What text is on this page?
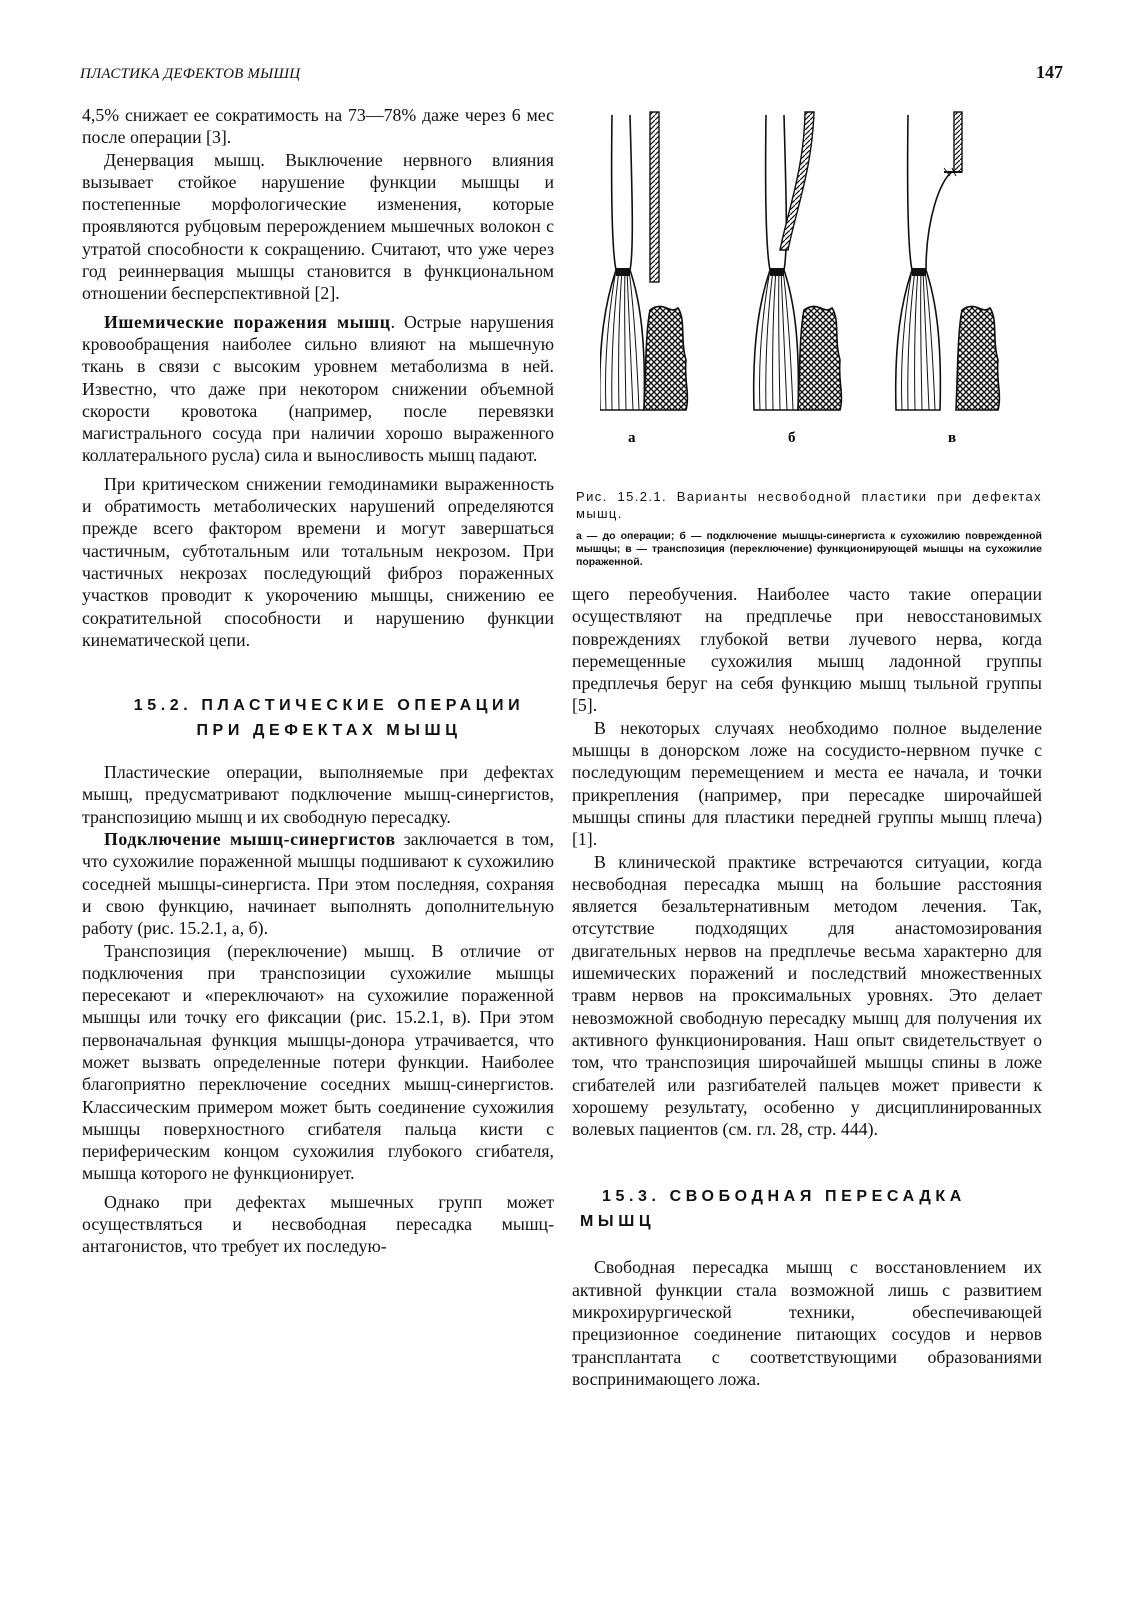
ПЛАСТИКА ДЕФЕКТОВ МЫШЦ	147

4,5% снижает ее сократимость на 73—78% даже через 6 мес после операции [3].

Денервация мышц. Выключение нервного влияния вызывает стойкое нарушение функции мышцы и постепенные морфологические изменения, которые проявляются рубцовым перерождением мышечных волокон с утратой способности к сокращению. Считают, что уже через год реиннервация мышцы становится в функциональном отношении бесперспективной [2].

Ишемические поражения мышц. Острые нарушения кровообращения наиболее сильно влияют на мышечную ткань в связи с высоким уровнем метаболизма в ней. Известно, что даже при некотором снижении объемной скорости кровотока (например, после перевязки магистрального сосуда при наличии хорошо выраженного коллатерального русла) сила и выносливость мышц падают.

При критическом снижении гемодинамики выраженность и обратимость метаболических нарушений определяются прежде всего фактором времени и могут завершаться частичным, субтотальным или тотальным некрозом. При частичных некрозах последующий фиброз пораженных участков проводит к укорочению мышцы, снижению ее сократительной способности и нарушению функции кинематической цепи.

15.2. ПЛАСТИЧЕСКИЕ ОПЕРАЦИИ

ПРИ ДЕФЕКТАХ МЫШЦ

Пластические операции, выполняемые при дефектах мышц, предусматривают подключение мышц-синергистов, транспозицию мышц и их свободную пересадку.

Подключение мышц-синергистов заключается в том, что сухожилие пораженной мышцы подшивают к сухожилию соседней мышцы-синергиста. При этом последняя, сохраняя и свою функцию, начинает выполнять дополнительную работу (рис. 15.2.1, а, б).

Транспозиция (переключение) мышц. В отличие от подключения при транспозиции сухожилие мышцы пересекают и «переключают» на сухожилие пораженной мышцы или точку его фиксации (рис. 15.2.1, в). При этом первоначальная функция мышцы-донора утрачивается, что может вызвать определенные потери функции. Наиболее благоприятно переключение соседних мышц-синергистов. Классическим примером может быть соединение сухожилия мышцы поверхностного сгибателя пальца кисти с периферическим концом сухожилия глубокого сгибателя, мышца которого не функционирует.

Однако при дефектах мышечных групп может осуществляться и несвободная пересадка мышц-антагонистов, что требует их последую-

а	б	в
Рис. 15.2.1. Варианты несвободной пластики при дефектах мышц.
а — до операции; б — подключение мышцы-синергиста к сухожилию поврежденной мышцы; в — транспозиция (переключение) функционирующей мышцы на сухожилие пораженной.

щего переобучения. Наиболее часто такие операции осуществляют на предплечье при невосстановимых повреждениях глубокой ветви лучевого нерва, когда перемещенные сухожилия мышц ладонной группы предплечья беруг на себя функцию мышц тыльной группы [5].

В некоторых случаях необходимо полное выделение мышцы в донорском ложе на сосудисто-нервном пучке с последующим перемещением и места ее начала, и точки прикрепления (например, при пересадке широчайшей мышцы спины для пластики передней группы мышц плеча) [1].

В клинической практике встречаются ситуации, когда несвободная пересадка мышц на большие расстояния является безальтернативным методом лечения. Так, отсутствие подходящих для анастомозирования двигательных нервов на предплечье весьма характерно для ишемических поражений и последствий множественных травм нервов на проксимальных уровнях. Это делает невозможной свободную пересадку мышц для получения их активного функционирования. Наш опыт свидетельствует о том, что транспозиция широчайшей мышцы спины в ложе сгибателей или разгибателей пальцев может привести к хорошему результату, особенно у дисциплинированных волевых пациентов (см. гл. 28, стр. 444).

15.3. СВОБОДНАЯ ПЕРЕСАДКА МЫШЦ

Свободная пересадка мышц с восстановлением их активной функции стала возможной лишь с развитием микрохирургической техники, обеспечивающей прецизионное соединение питающих сосудов и нервов трансплантата с соответствующими образованиями воспринимающего ложа.
